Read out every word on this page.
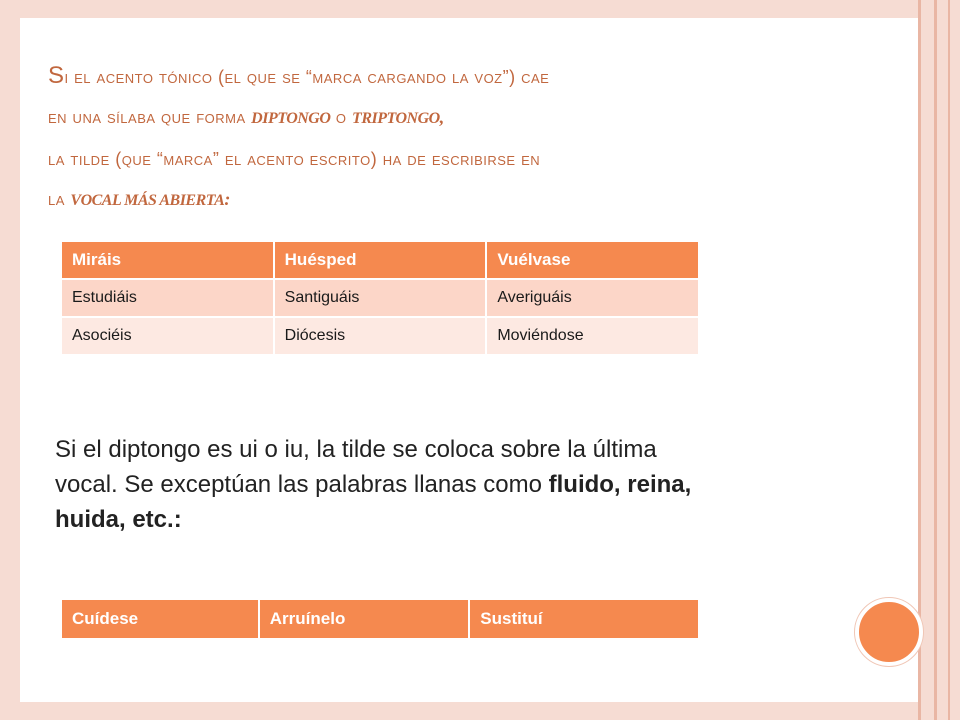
Si el acento tónico (el que se “marca cargando la voz”) cae
en una sílaba que forma DIPTONGO o TRIPTONGO,
la tilde (que “marca” el acento escrito) ha de escribirse en
la VOCAL MÁS ABIERTA:
Miráis	Huésped	Vuélvase
Estudiáis	Santiguáis	Averiguáis
Asociéis	Diócesis	Moviéndose
Si el diptongo es ui o iu, la tilde se coloca sobre la última vocal. Se exceptúan las palabras llanas como fluido, reina, huida, etc.:
Cuídese	Arruínelo	Sustituí
